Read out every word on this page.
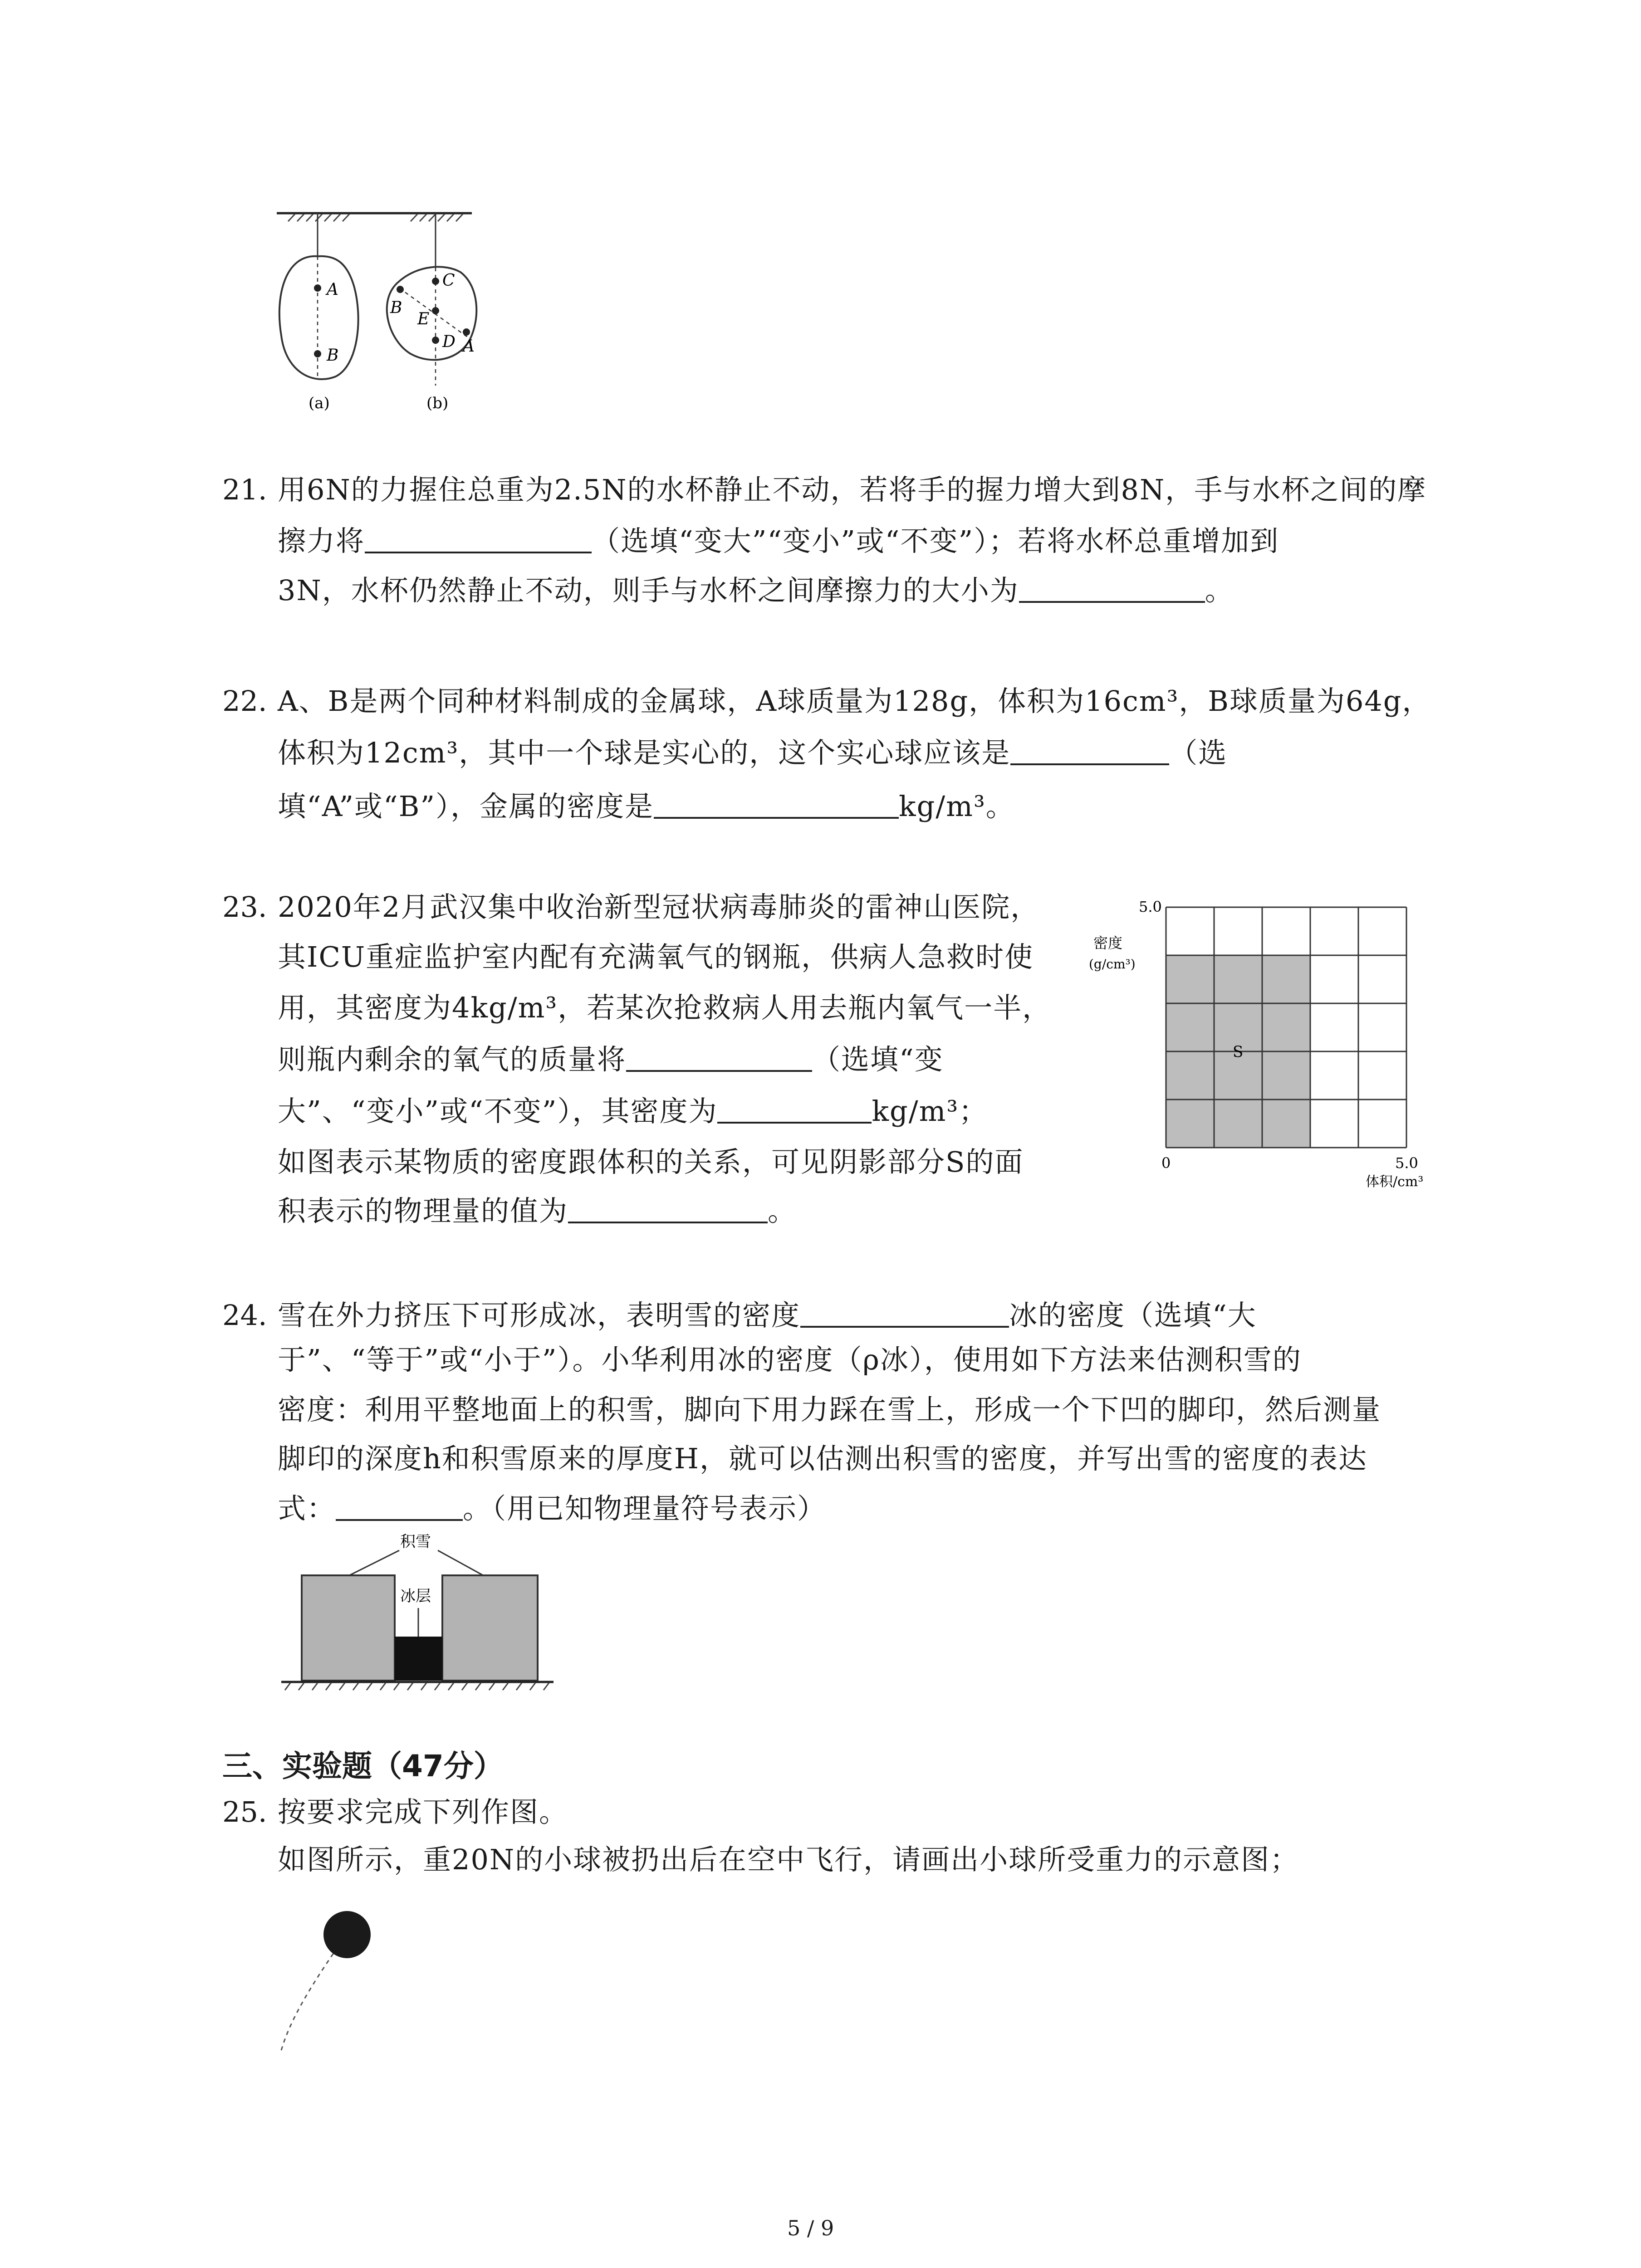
A
B
(a)
C
B
E
D A
(b)
21. 用6N的力握住总重为2.5N的水杯静止不动，若将手的握力增大到8N，手与水杯之间的摩
擦力将	（选填“变大”“变小”或“不变”）；若将水杯总重增加到
3N，水杯仍然静止不动，则手与水杯之间摩擦力的大小为	。
22. A、B是两个同种材料制成的金属球，A球质量为128g，体积为16cm³，B球质量为64g，
体积为12cm³，其中一个球是实心的，这个实心球应该是	（选
填“A”或“B”），金属的密度是	kg/m³。
23. 2020年2月武汉集中收治新型冠状病毒肺炎的雷神山医院，
其ICU重症监护室内配有充满氧气的钢瓶，供病人急救时使
用，其密度为4kg/m³，若某次抢救病人用去瓶内氧气一半，
则瓶内剩余的氧气的质量将	（选填“变
大”、“变小”或“不变”），其密度为	kg/m³；
如图表示某物质的密度跟体积的关系，可见阴影部分S的面
积表示的物理量的值为	。
S
5.0
0	5.0
体积/cm³
密度
(g/cm³)
24. 雪在外力挤压下可形成冰，表明雪的密度	冰的密度（选填“大
于”、“等于”或“小于”）。小华利用冰的密度（ρ冰），使用如下方法来估测积雪的
密度：利用平整地面上的积雪，脚向下用力踩在雪上，形成一个下凹的脚印，然后测量
脚印的深度h和积雪原来的厚度H，就可以估测出积雪的密度，并写出雪的密度的表达
式：	。（用已知物理量符号表示）
积雪
冰层
三、实验题（47分）
25. 按要求完成下列作图。
如图所示，重20N的小球被扔出后在空中飞行，请画出小球所受重力的示意图；
5 / 9
